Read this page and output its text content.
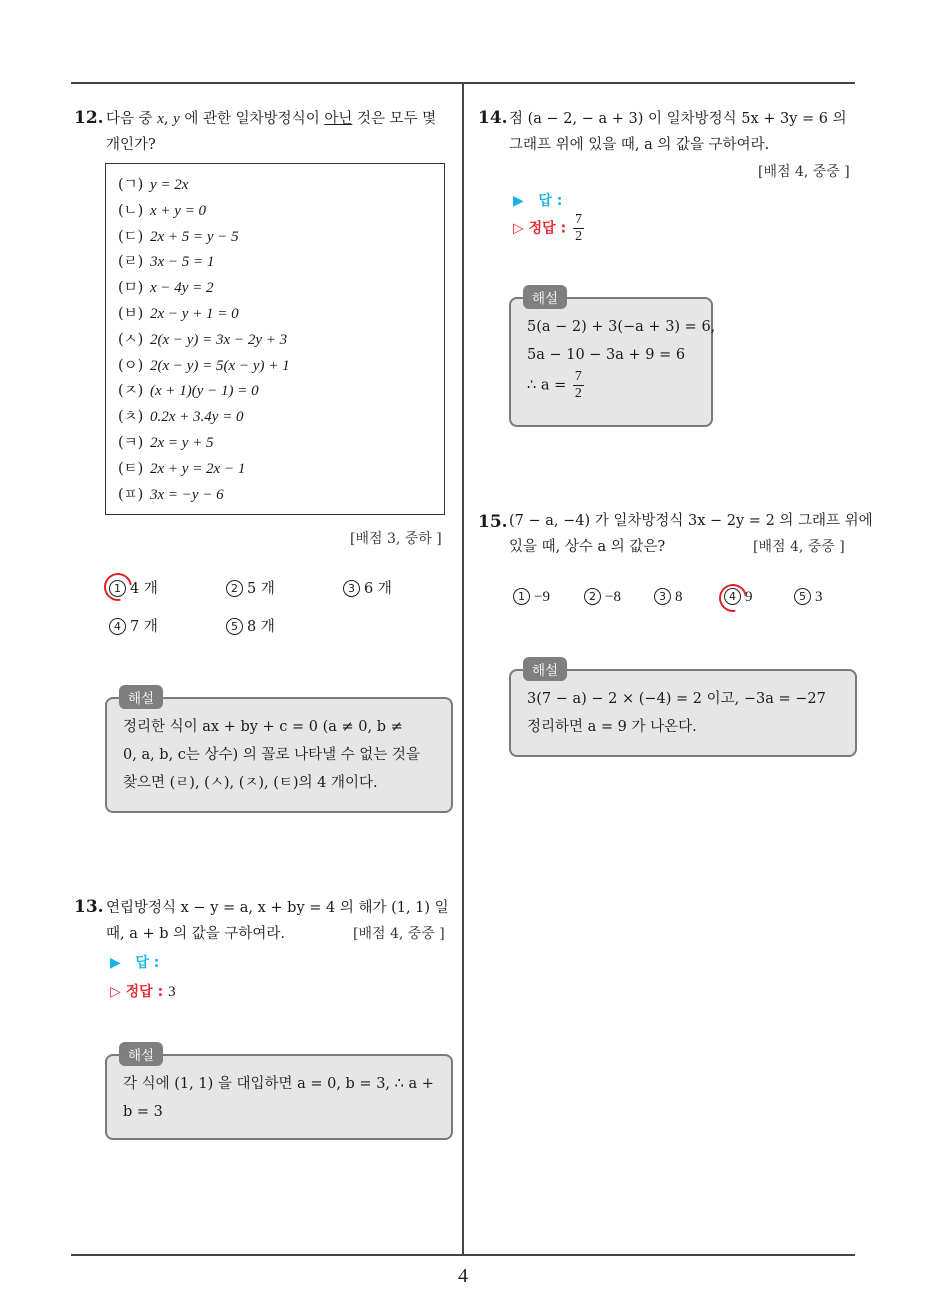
12. 다음 중 x, y 에 관한 일차방정식이 아닌 것은 모두 몇
개인가?
(ㄱ) y = 2x
(ㄴ) x + y = 0
(ㄷ) 2x + 5 = y − 5
(ㄹ) 3x − 5 = 1
(ㅁ) x − 4y = 2
(ㅂ) 2x − y + 1 = 0
(ㅅ) 2(x − y) = 3x − 2y + 3
(ㅇ) 2(x − y) = 5(x − y) + 1
(ㅈ) (x + 1)(y − 1) = 0
(ㅊ) 0.2x + 3.4y = 0
(ㅋ) 2x = y + 5
(ㅌ) 2x + y = 2x − 1
(ㅍ) 3x = −y − 6
[배점 3, 중하 ]
1 4 개	2 5 개	3 6 개
4 7 개	5 8 개
정리한 식이 ax + by + c = 0 (a ≠ 0, b ≠
0, a, b, c는 상수) 의 꼴로 나타낼 수 없는 것을
찾으면 (ㄹ), (ㅅ), (ㅈ), (ㅌ)의 4 개이다.
해설
13. 연립방정식 x − y = a, x + by = 4 의 해가 (1, 1) 일
때, a + b 의 값을 구하여라.	[배점 4, 중중 ]
▶ 답 :
▷ 정답 : 3
각 식에 (1, 1) 을 대입하면 a = 0, b = 3, ∴ a +
b = 3
해설
14. 점 (a − 2, − a + 3) 이 일차방정식 5x + 3y = 6 의
그래프 위에 있을 때, a 의 값을 구하여라.
[배점 4, 중중 ]
▶ 답 :
▷ 정답 : $\frac{7}{2}$
5(a − 2) + 3(−a + 3) = 6,
5a − 10 − 3a + 9 = 6
∴ $a = \frac{7}{2}$
해설
15. (7 − a, −4) 가 일차방정식 3x − 2y = 2 의 그래프 위에
있을 때, 상수 a 의 값은?	[배점 4, 중중 ]
1 −9	2 −8	3 8	4 9	5 3
3(7 − a) − 2 × (−4) = 2 이고, −3a = −27
정리하면 a = 9 가 나온다.
해설
4
